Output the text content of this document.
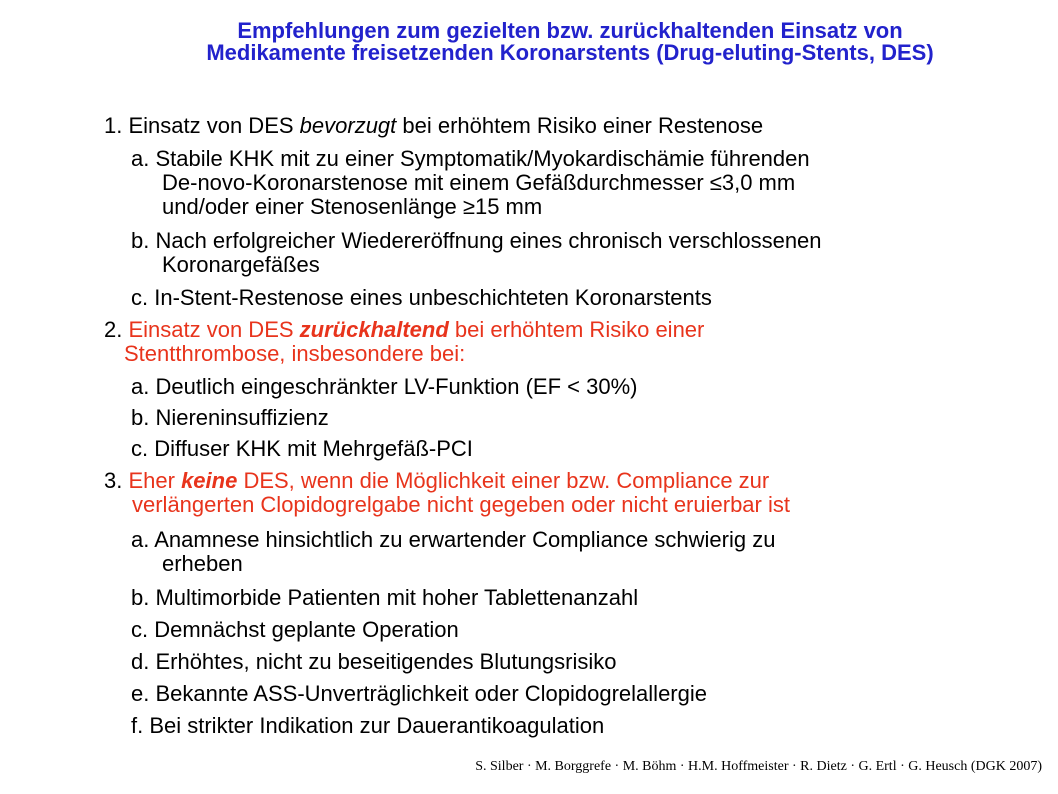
Empfehlungen zum gezielten bzw. zurückhaltenden Einsatz von
Medikamente freisetzenden Koronarstents (Drug-eluting-Stents, DES)
1. Einsatz von DES bevorzugt bei erhöhtem Risiko einer Restenose
a. Stabile KHK mit zu einer Symptomatik/Myokardischämie führenden
De-novo-Koronarstenose mit einem Gefäßdurchmesser ≤3,0 mm
und/oder einer Stenosenlänge ≥15 mm
b. Nach erfolgreicher Wiedereröffnung eines chronisch verschlossenen
Koronargefäßes
c. In-Stent-Restenose eines unbeschichteten Koronarstents
2. Einsatz von DES zurückhaltend bei erhöhtem Risiko einer
Stentthrombose, insbesondere bei:
a. Deutlich eingeschränkter LV-Funktion (EF < 30%)
b. Niereninsuffizienz
c. Diffuser KHK mit Mehrgefäß-PCI
3. Eher keine DES, wenn die Möglichkeit einer bzw. Compliance zur
verlängerten Clopidogrelgabe nicht gegeben oder nicht eruierbar ist
a. Anamnese hinsichtlich zu erwartender Compliance schwierig zu
erheben
b. Multimorbide Patienten mit hoher Tablettenanzahl
c. Demnächst geplante Operation
d. Erhöhtes, nicht zu beseitigendes Blutungsrisiko
e. Bekannte ASS-Unverträglichkeit oder Clopidogrelallergie
f. Bei strikter Indikation zur Dauerantikoagulation
S. Silber · M. Borggrefe · M. Böhm · H.M. Hoffmeister · R. Dietz · G. Ertl · G. Heusch (DGK 2007)
